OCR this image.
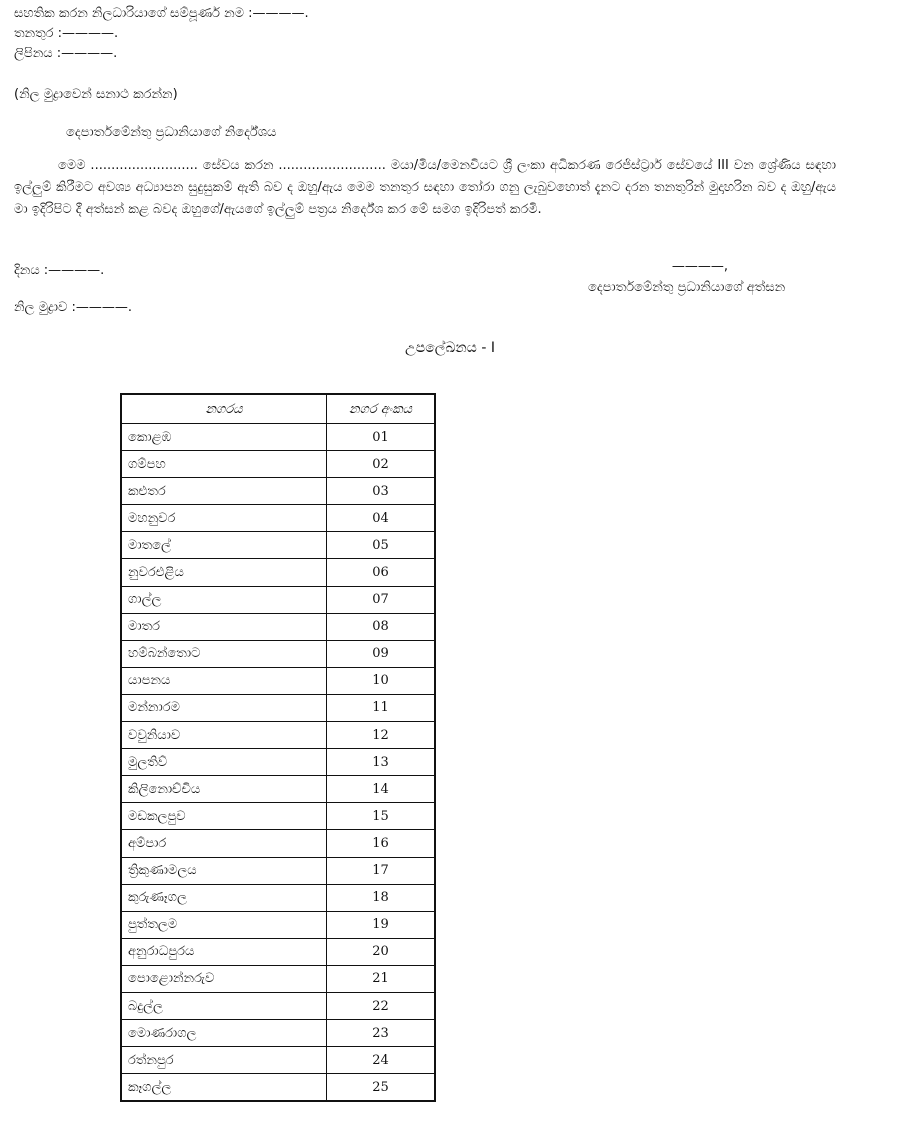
සහතික කරන නිලධාරියාගේ සම්පූර්ණ නම :————.
තනතුර :————.
ලිපිනය :————.
(නිල මුද්‍රාවෙන් සනාථ කරන්න)
දෙපාර්තමේන්තු ප්‍රධානියාගේ නිර්දේශය
මෙම .......................... සේවය කරන .......................... මයා/මිය/මෙනවියට ශ්‍රී ලංකා අධිකරණ රෙජිස්ට්‍රාර් සේවයේ III වන ශ්‍රේණිය සඳහා ඉල්ලුම් කිරීමට අවශ්‍ය අධ්‍යාපන සුදුසුකම් ඇති බව ද ඔහු/ඇය මෙම තනතුර සඳහා තෝරා ගනු ලැබුවහොත් දැනට දරන තනතුරින් මුදාහරින බව ද ඔහු/ඇය මා ඉදිරිපිට දී අත්සන් කළ බවද ඔහුගේ/ඇයගේ ඉල්ලුම් පත්‍රය නිර්දේශ කර මේ සමග ඉදිරිපත් කරමි.
දිනය :————.	————,
දෙපාර්තමේන්තු ප්‍රධානියාගේ අත්සන
නිල මුද්‍රාව :————.
උපලේඛනය - I
නගරය	නගර අංකය
කොළඹ	01
ගම්පහ	02
කළුතර	03
මහනුවර	04
මාතලේ	05
නුවරඑළිය	06
ගාල්ල	07
මාතර	08
හම්බන්තොට	09
යාපනය	10
මන්නාරම	11
වවුනියාව	12
මුලතිව්	13
කිලිනොච්චිය	14
මඩකලපුව	15
අම්පාර	16
ත්‍රිකුණාමලය	17
කුරුණෑගල	18
පුත්තලම	19
අනුරාධපුරය	20
පොළොන්නරුව	21
බදුල්ල	22
මොණරාගල	23
රත්නපුර	24
කෑගල්ල	25
